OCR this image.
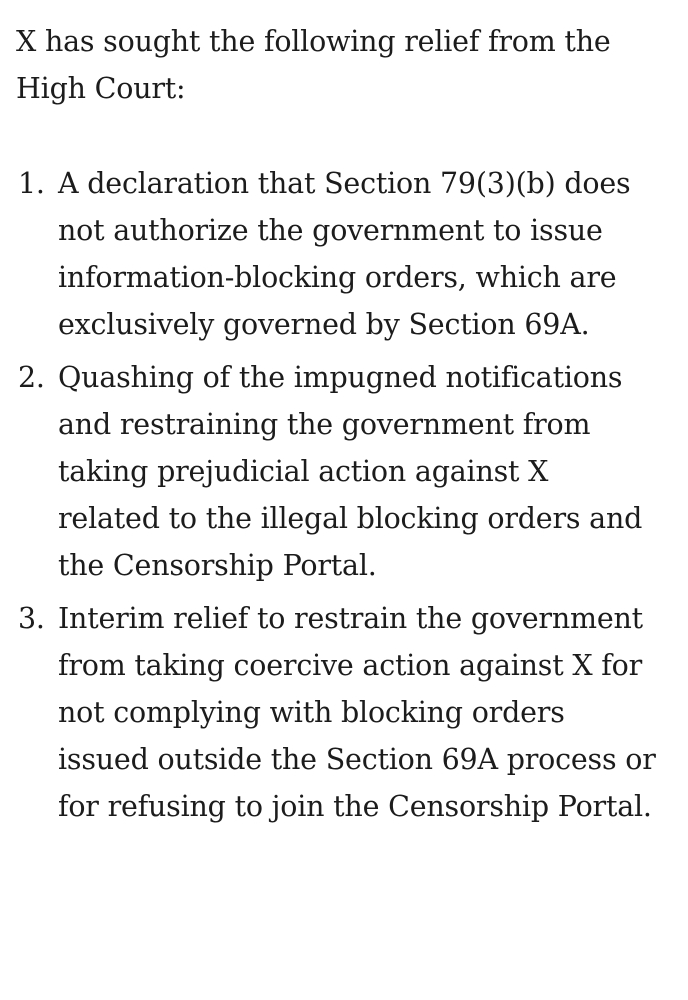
X has sought the following relief from the High Court:

1. A declaration that Section 79(3)(b) does not authorize the government to issue information-blocking orders, which are exclusively governed by Section 69A.
2. Quashing of the impugned notifications and restraining the government from taking prejudicial action against X related to the illegal blocking orders and the Censorship Portal.
3. Interim relief to restrain the government from taking coercive action against X for not complying with blocking orders issued outside the Section 69A process or for refusing to join the Censorship Portal.
